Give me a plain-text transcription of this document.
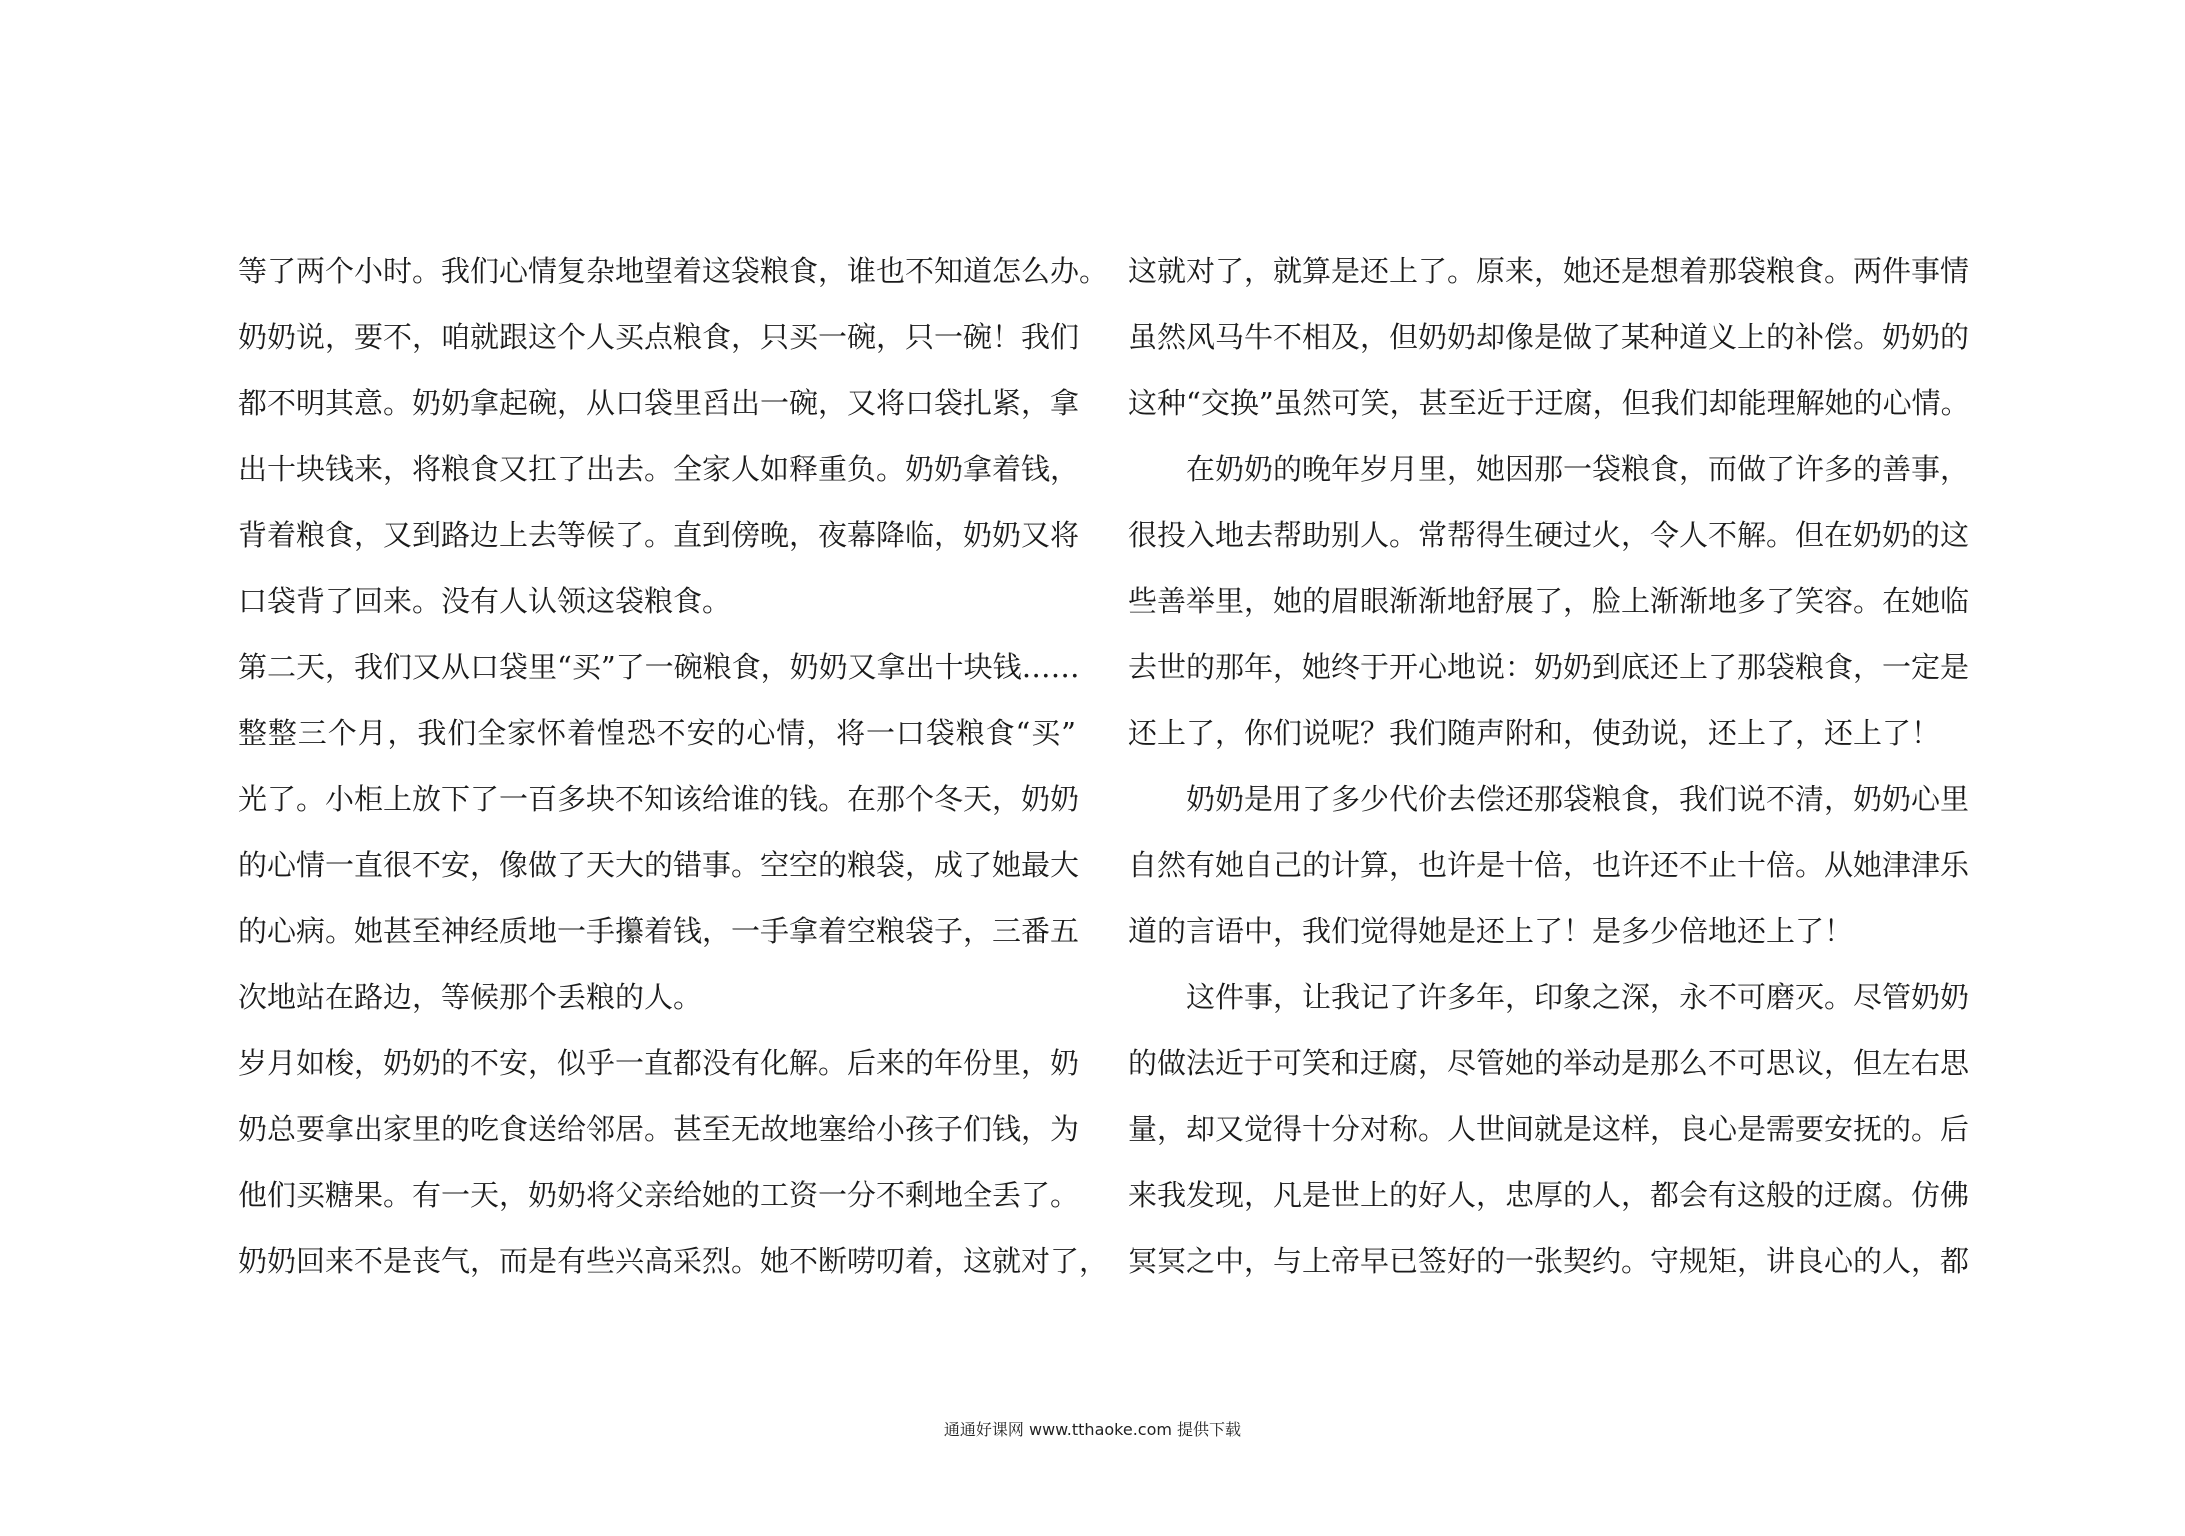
等了两个小时。我们心情复杂地望着这袋粮食，谁也不知道怎么办。
奶奶说，要不，咱就跟这个人买点粮食，只买一碗，只一碗！我们
都不明其意。奶奶拿起碗，从口袋里舀出一碗，又将口袋扎紧，拿
出十块钱来，将粮食又扛了出去。全家人如释重负。奶奶拿着钱，
背着粮食，又到路边上去等候了。直到傍晚，夜幕降临，奶奶又将
口袋背了回来。没有人认领这袋粮食。
第二天，我们又从口袋里“买”了一碗粮食，奶奶又拿出十块钱……
整整三个月，我们全家怀着惶恐不安的心情，将一口袋粮食“买”
光了。小柜上放下了一百多块不知该给谁的钱。在那个冬天，奶奶
的心情一直很不安，像做了天大的错事。空空的粮袋，成了她最大
的心病。她甚至神经质地一手攥着钱，一手拿着空粮袋子，三番五
次地站在路边，等候那个丢粮的人。
岁月如梭，奶奶的不安，似乎一直都没有化解。后来的年份里，奶
奶总要拿出家里的吃食送给邻居。甚至无故地塞给小孩子们钱，为
他们买糖果。有一天，奶奶将父亲给她的工资一分不剩地全丢了。
奶奶回来不是丧气，而是有些兴高采烈。她不断唠叨着，这就对了，
这就对了，就算是还上了。原来，她还是想着那袋粮食。两件事情
虽然风马牛不相及，但奶奶却像是做了某种道义上的补偿。奶奶的
这种“交换”虽然可笑，甚至近于迂腐，但我们却能理解她的心情。
在奶奶的晚年岁月里，她因那一袋粮食，而做了许多的善事，
很投入地去帮助别人。常帮得生硬过火，令人不解。但在奶奶的这
些善举里，她的眉眼渐渐地舒展了，脸上渐渐地多了笑容。在她临
去世的那年，她终于开心地说：奶奶到底还上了那袋粮食，一定是
还上了，你们说呢？我们随声附和，使劲说，还上了，还上了！
奶奶是用了多少代价去偿还那袋粮食，我们说不清，奶奶心里
自然有她自己的计算，也许是十倍，也许还不止十倍。从她津津乐
道的言语中，我们觉得她是还上了！是多少倍地还上了！
这件事，让我记了许多年，印象之深，永不可磨灭。尽管奶奶
的做法近于可笑和迂腐，尽管她的举动是那么不可思议，但左右思
量，却又觉得十分对称。人世间就是这样，良心是需要安抚的。后
来我发现，凡是世上的好人，忠厚的人，都会有这般的迂腐。仿佛
冥冥之中，与上帝早已签好的一张契约。守规矩，讲良心的人，都
通通好课网 www.tthaoke.com 提供下载
